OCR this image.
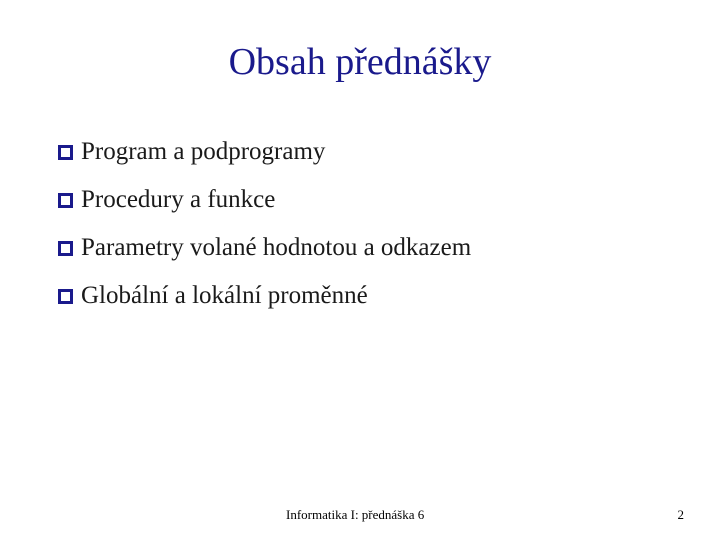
Obsah přednášky
Program a podprogramy
Procedury a funkce
Parametry volané hodnotou a odkazem
Globální a lokální proměnné
Informatika I: přednáška 6	2
